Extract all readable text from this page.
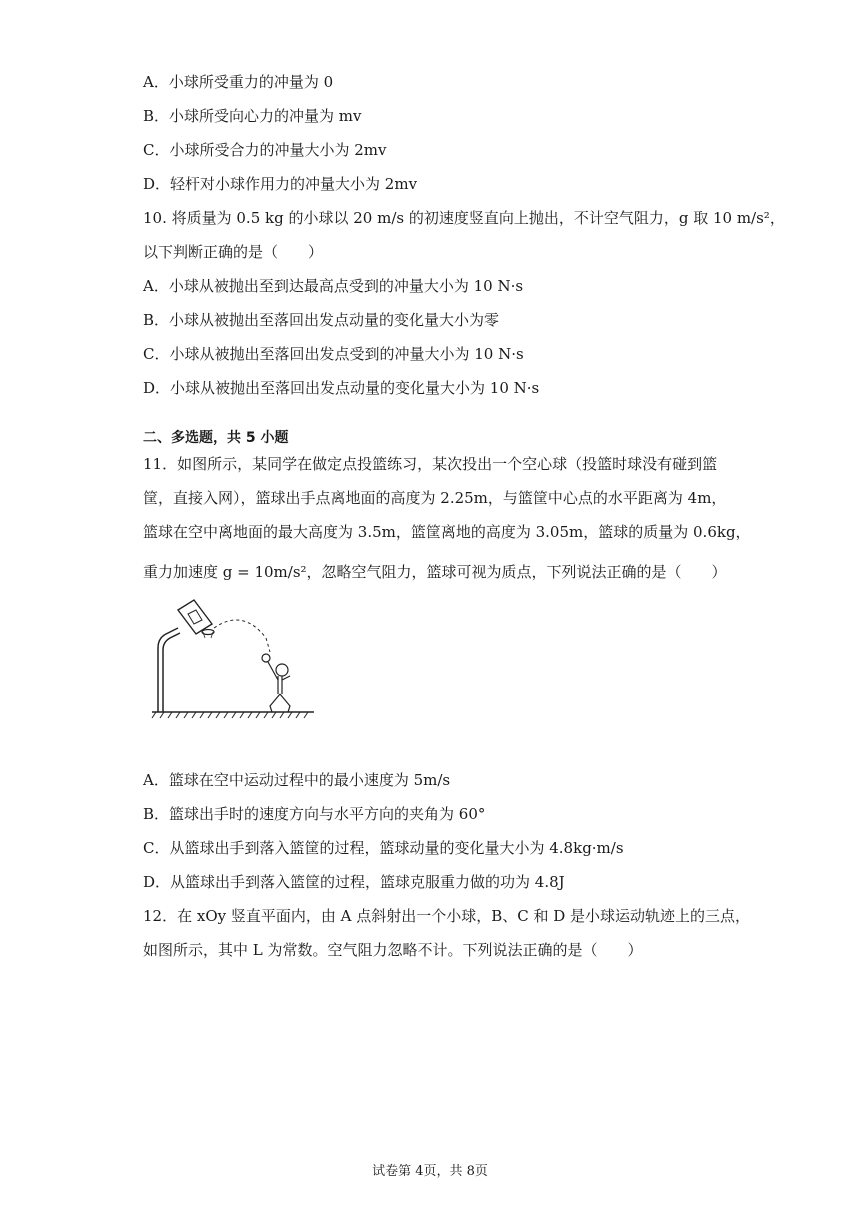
A．小球所受重力的冲量为 0
B．小球所受向心力的冲量为 mv
C．小球所受合力的冲量大小为 2mv
D．轻杆对小球作用力的冲量大小为 2mv
10. 将质量为 0.5 kg 的小球以 20 m/s 的初速度竖直向上抛出，不计空气阻力，g 取 10 m/s²，
以下判断正确的是（　　）
A．小球从被抛出至到达最高点受到的冲量大小为 10 N·s
B．小球从被抛出至落回出发点动量的变化量大小为零
C．小球从被抛出至落回出发点受到的冲量大小为 10 N·s
D．小球从被抛出至落回出发点动量的变化量大小为 10 N·s
二、多选题，共 5 小题
11．如图所示，某同学在做定点投篮练习，某次投出一个空心球（投篮时球没有碰到篮
筐，直接入网），篮球出手点离地面的高度为 2.25m，与篮筐中心点的水平距离为 4m，
篮球在空中离地面的最大高度为 3.5m，篮筐离地的高度为 3.05m，篮球的质量为 0.6kg，
重力加速度 g = 10m/s²，忽略空气阻力，篮球可视为质点，下列说法正确的是（　　）
A．篮球在空中运动过程中的最小速度为 5m/s
B．篮球出手时的速度方向与水平方向的夹角为 60°
C．从篮球出手到落入篮筐的过程，篮球动量的变化量大小为 4.8kg·m/s
D．从篮球出手到落入篮筐的过程，篮球克服重力做的功为 4.8J
12．在 xOy 竖直平面内，由 A 点斜射出一个小球，B、C 和 D 是小球运动轨迹上的三点，
如图所示，其中 L 为常数。空气阻力忽略不计。下列说法正确的是（　　）
试卷第 4页，共 8页
